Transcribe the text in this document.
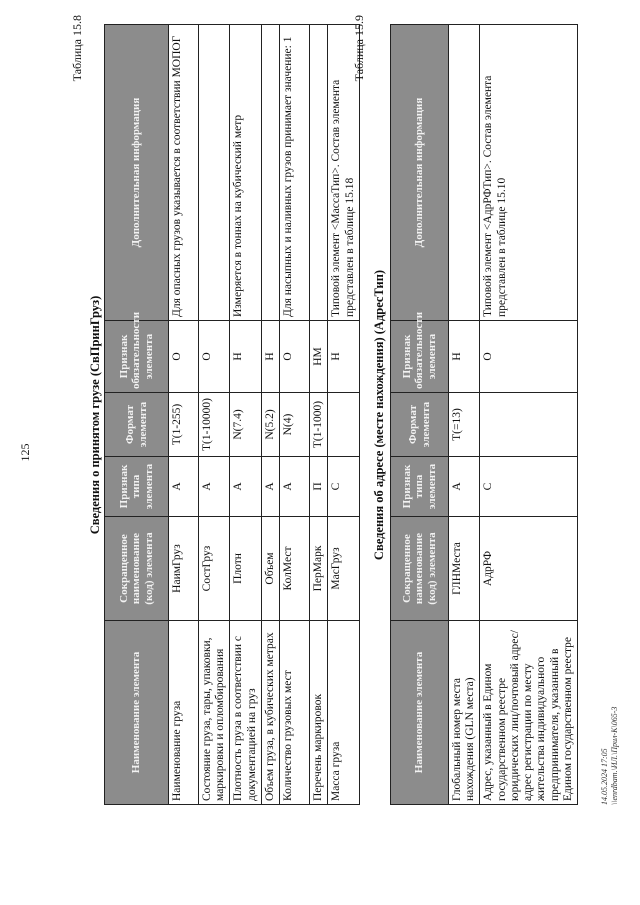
125
Таблица 15.8
Сведения о принятом грузе (СвПринГруз)
Наименование элемента	Сокращенное наименование (код) элемента	Признак типа элемента	Формат элемента	Признак обязательности элемента	Дополнительная информация
Наименование груза	НаимГруз	А	T(1-255)	О	Для опасных грузов указывается в соответствии МОПОГ
Состояние груза, тары, упаковки, маркировки и опломбирования	СостГруз	А	T(1-10000)	О	
Плотность груза в соответствии с документацией на груз	Плотн	А	N(7.4)	Н	Измеряется в тоннах на кубический метр
Объем груза, в кубических метрах	Объем	А	N(5.2)	Н	
Количество грузовых мест	КолМест	А	N(4)	О	Для насыпных и наливных грузов принимает значение: 1
Перечень маркировок	ПерМарк	П	T(1-1000)	НМ	
Масса груза	МасГруз	С		Н	Типовой элемент <МассаТип>. Состав элемента представлен в таблице 15.18
Таблица 15.9
Сведения об адресе (месте нахождения) (АдресТип)
Наименование элемента	Сокращенное наименование (код) элемента	Признак типа элемента	Формат элемента	Признак обязательности элемента	Дополнительная информация
Глобальный номер места нахождения (GLN места)	ГЛНМеста	А	T(=13)	Н	
Адрес, указанный в Едином государственном реестре юридических лиц/почтовый адрес/адрес регистрации по месту жительства индивидуального предпринимателя, указанный в Едином государственном реестре	АдрРФ	С		О	Типовой элемент <АдрРФТип>. Состав элемента представлен в таблице 15.10
14.05.2024 17:05 \\enrdbam.\ИЛ.\Прил-K\065-3
